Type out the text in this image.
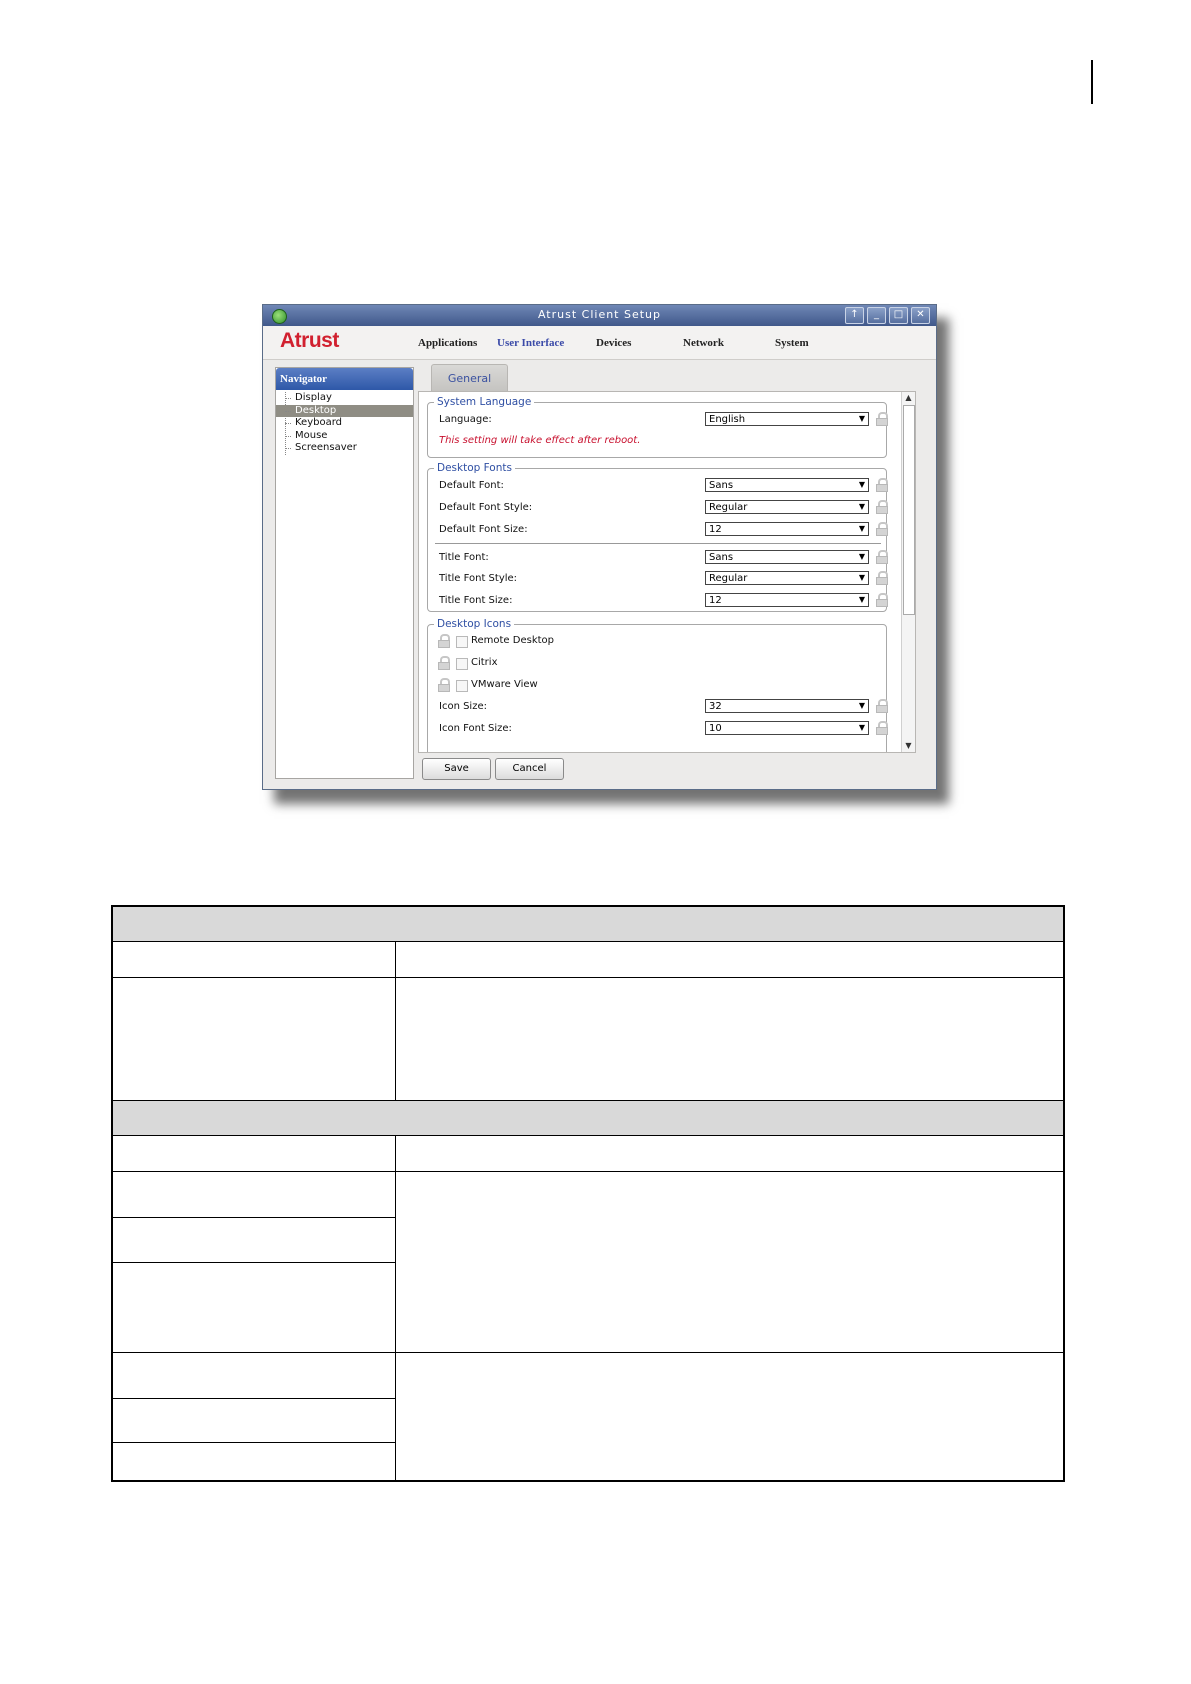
Atrust Client Setup	↑	_	□	✕
Atrust	Applications User Interface	Devices	Network	System
Navigator
Display
Desktop
Keyboard
Mouse
Screensaver
General
System Language
Language:	English	▼
This setting will take effect after reboot.
Desktop Fonts
Default Font:	Sans	▼
Default Font Style:	Regular	▼
Default Font Size:	12	▼
Title Font:	Sans	▼
Title Font Style:	Regular	▼
Title Font Size:	12	▼
Desktop Icons
Remote Desktop
Citrix
VMware View
Icon Size:	32	▼
Icon Font Size:	10	▼
▲
▼
Save	Cancel
